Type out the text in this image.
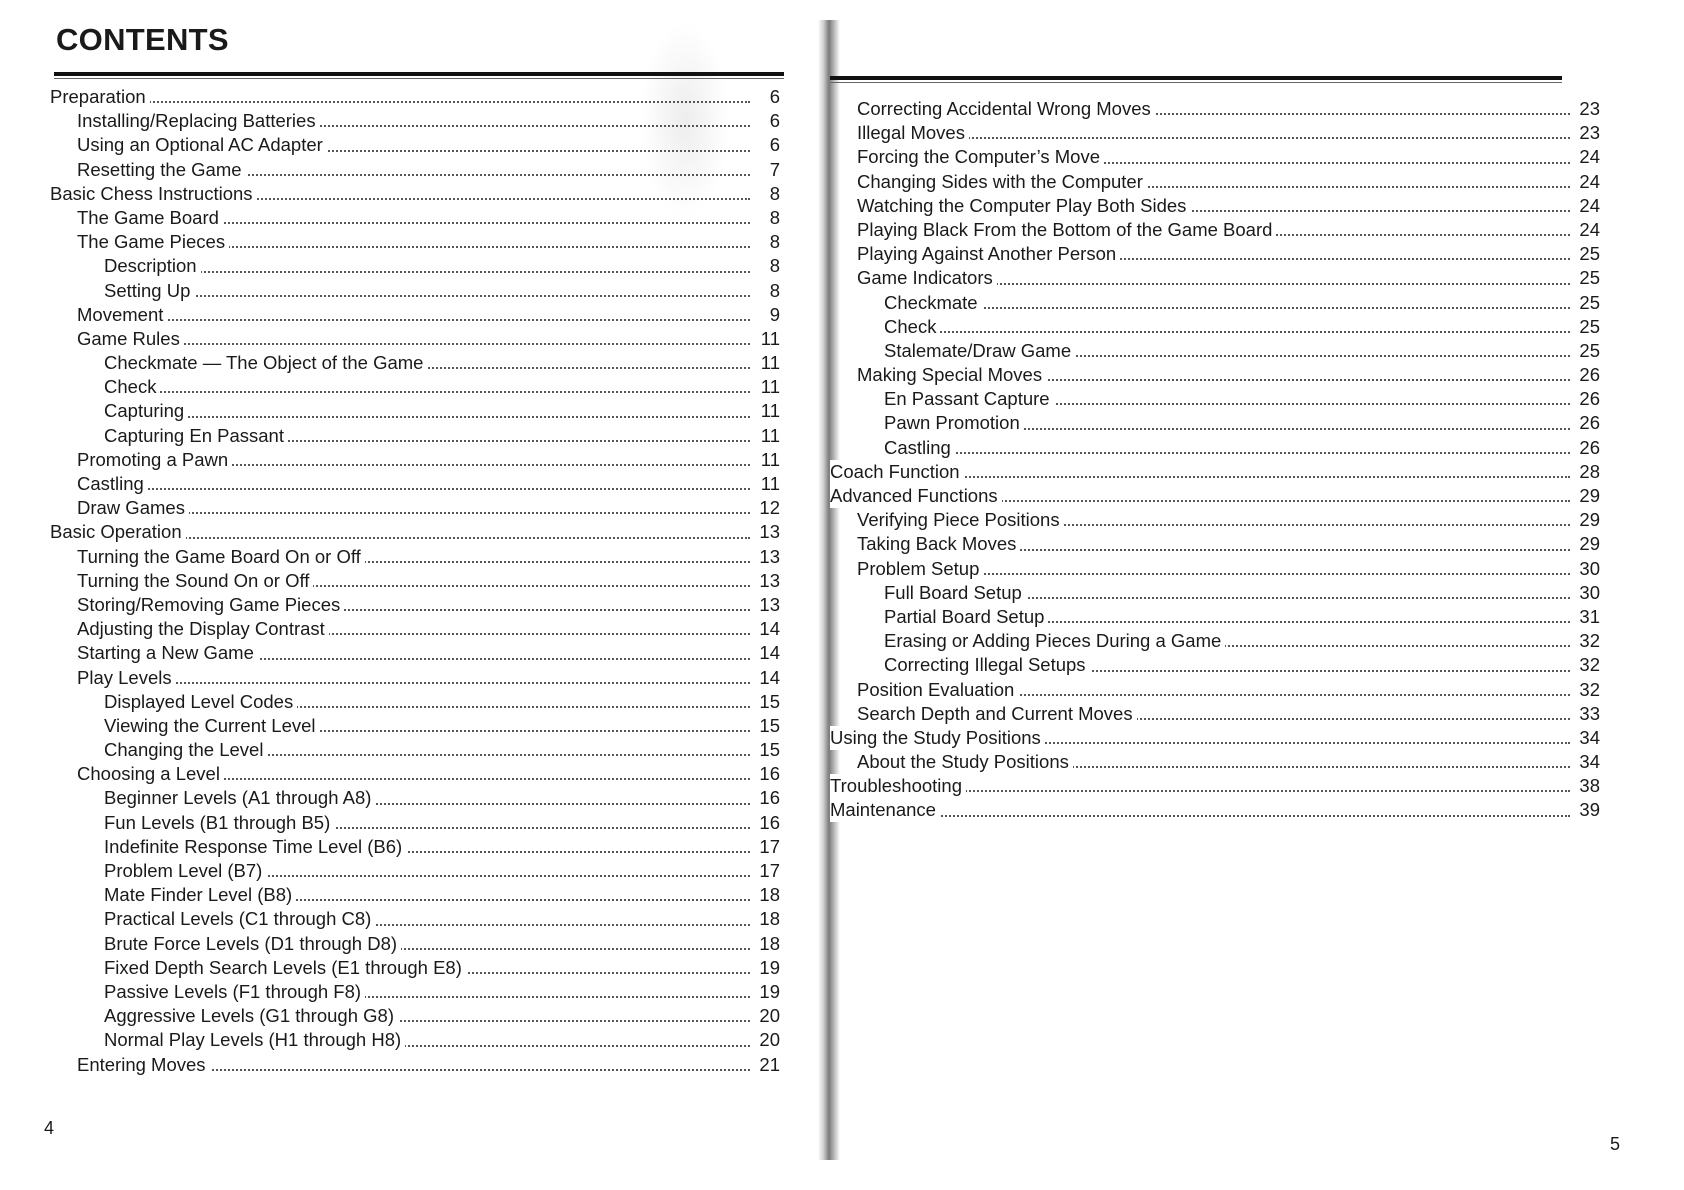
CONTENTS
Preparation	6
Installing/Replacing Batteries	6
Using an Optional AC Adapter	6
Resetting the Game	7
Basic Chess Instructions	8
The Game Board	8
The Game Pieces	8
Description	8
Setting Up	8
Movement	9
Game Rules	11
Checkmate — The Object of the Game	11
Check	11
Capturing	11
Capturing En Passant	11
Promoting a Pawn	11
Castling	11
Draw Games	12
Basic Operation	13
Turning the Game Board On or Off	13
Turning the Sound On or Off	13
Storing/Removing Game Pieces	13
Adjusting the Display Contrast	14
Starting a New Game	14
Play Levels	14
Displayed Level Codes	15
Viewing the Current Level	15
Changing the Level	15
Choosing a Level	16
Beginner Levels (A1 through A8)	16
Fun Levels (B1 through B5)	16
Indefinite Response Time Level (B6)	17
Problem Level (B7)	17
Mate Finder Level (B8)	18
Practical Levels (C1 through C8)	18
Brute Force Levels (D1 through D8)	18
Fixed Depth Search Levels (E1 through E8)	19
Passive Levels (F1 through F8)	19
Aggressive Levels (G1 through G8)	20
Normal Play Levels (H1 through H8)	20
Entering Moves	21
4
Correcting Accidental Wrong Moves	23
Illegal Moves	23
Forcing the Computer’s Move	24
Changing Sides with the Computer	24
Watching the Computer Play Both Sides	24
Playing Black From the Bottom of the Game Board	24
Playing Against Another Person	25
Game Indicators	25
Checkmate	25
Check	25
Stalemate/Draw Game	25
Making Special Moves	26
En Passant Capture	26
Pawn Promotion	26
Castling	26
Coach Function	28
Advanced Functions	29
Verifying Piece Positions	29
Taking Back Moves	29
Problem Setup	30
Full Board Setup	30
Partial Board Setup	31
Erasing or Adding Pieces During a Game	32
Correcting Illegal Setups	32
Position Evaluation	32
Search Depth and Current Moves	33
Using the Study Positions	34
About the Study Positions	34
Troubleshooting	38
Maintenance	39
5
